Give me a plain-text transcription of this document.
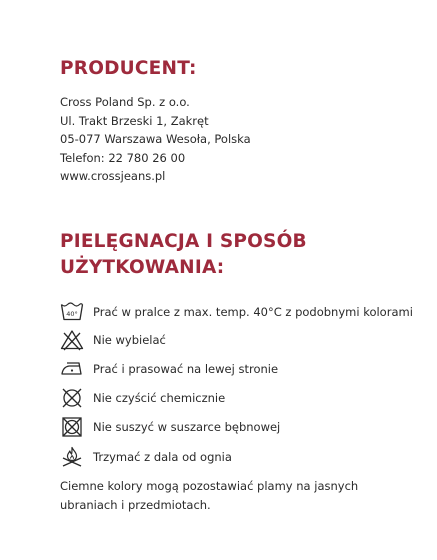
PRODUCENT:
Cross Poland Sp. z o.o.
Ul. Trakt Brzeski 1, Zakręt
05-077 Warszawa Wesoła, Polska
Telefon: 22 780 26 00
www.crossjeans.pl
PIELĘGNACJA I SPOSÓB UŻYTKOWANIA:
40° Prać w pralce z max. temp. 40°C z podobnymi kolorami
Nie wybielać
Prać i prasować na lewej stronie
Nie czyścić chemicznie
Nie suszyć w suszarce bębnowej
Trzymać z dala od ognia
Ciemne kolory mogą pozostawiać plamy na jasnych ubraniach i przedmiotach.
